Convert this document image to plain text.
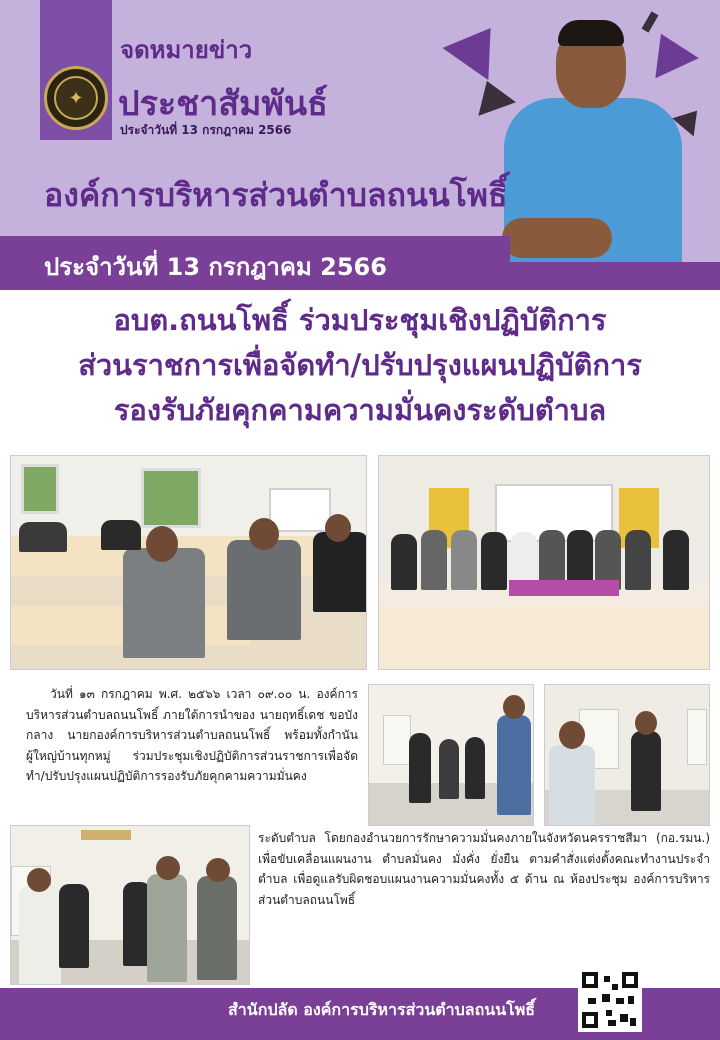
✦
จดหมายข่าว
ประชาสัมพันธ์
ประจำวันที่ 13 กรกฎาคม 2566
องค์การบริหารส่วนตำบลถนนโพธิ์
ประจำวันที่ 13 กรกฎาคม 2566
อบต.ถนนโพธิ์ ร่วมประชุมเชิงปฏิบัติการ
ส่วนราชการเพื่อจัดทำ/ปรับปรุงแผนปฏิบัติการ
รองรับภัยคุกคามความมั่นคงระดับตำบล
วันที่ ๑๓ กรกฎาคม พ.ศ. ๒๕๖๖ เวลา ๐๙.๐๐ น. องค์การบริหารส่วนตำบลถนนโพธิ์ ภายใต้การนำของ นายฤทธิ์เดช ขอบังกลาง นายกองค์การบริหารส่วนตำบลถนนโพธิ์ พร้อมทั้งกำนัน ผู้ใหญ่บ้านทุกหมู่ ร่วมประชุมเชิงปฏิบัติการส่วนราชการเพื่อจัดทำ/ปรับปรุงแผนปฏิบัติการรองรับภัยคุกคามความมั่นคง
ระดับตำบล โดยกองอำนวยการรักษาความมั่นคงภายในจังหวัดนครราชสีมา (กอ.รมน.) เพื่อขับเคลื่อนแผนงาน ตำบลมั่นคง มั่งคั่ง ยั่งยืน ตามคำสั่งแต่งตั้งคณะทำงานประจำตำบล เพื่อดูแลรับผิดชอบแผนงานความมั่นคงทั้ง ๕ ด้าน ณ ห้องประชุม องค์การบริหารส่วนตำบลถนนโพธิ์
สำนักปลัด องค์การบริหารส่วนตำบลถนนโพธิ์
